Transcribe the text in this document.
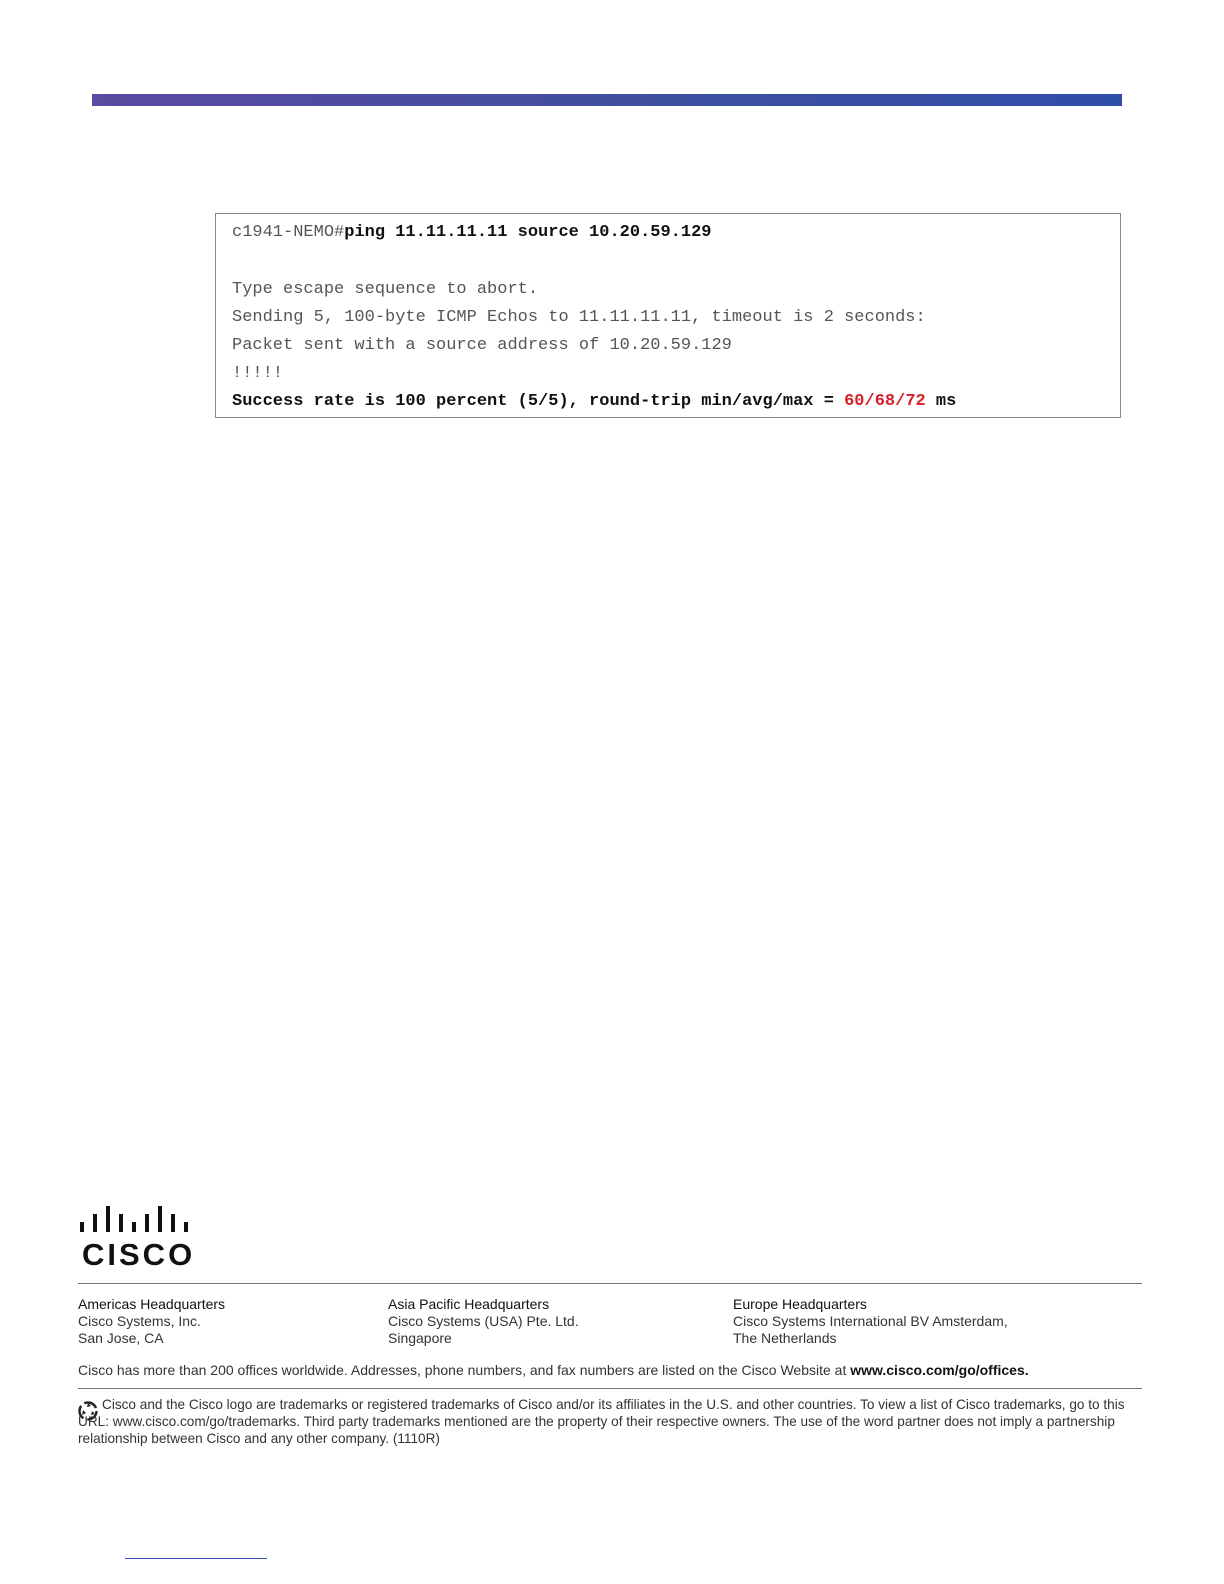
c1941-NEMO#ping 11.11.11.11 source 10.20.59.129
Type escape sequence to abort.
Sending 5, 100-byte ICMP Echos to 11.11.11.11, timeout is 2 seconds:
Packet sent with a source address of 10.20.59.129
!!!!!
Success rate is 100 percent (5/5), round-trip min/avg/max = 60/68/72 ms
CISCO
Americas Headquarters
Cisco Systems, Inc.
San Jose, CA
Asia Pacific Headquarters
Cisco Systems (USA) Pte. Ltd.
Singapore
Europe Headquarters
Cisco Systems International BV Amsterdam,
The Netherlands
Cisco has more than 200 offices worldwide. Addresses, phone numbers, and fax numbers are listed on the Cisco Website at www.cisco.com/go/offices.
Cisco and the Cisco logo are trademarks or registered trademarks of Cisco and/or its affiliates in the U.S. and other countries. To view a list of Cisco trademarks, go to this URL: www.cisco.com/go/trademarks. Third party trademarks mentioned are the property of their respective owners. The use of the word partner does not imply a partnership relationship between Cisco and any other company. (1110R)
